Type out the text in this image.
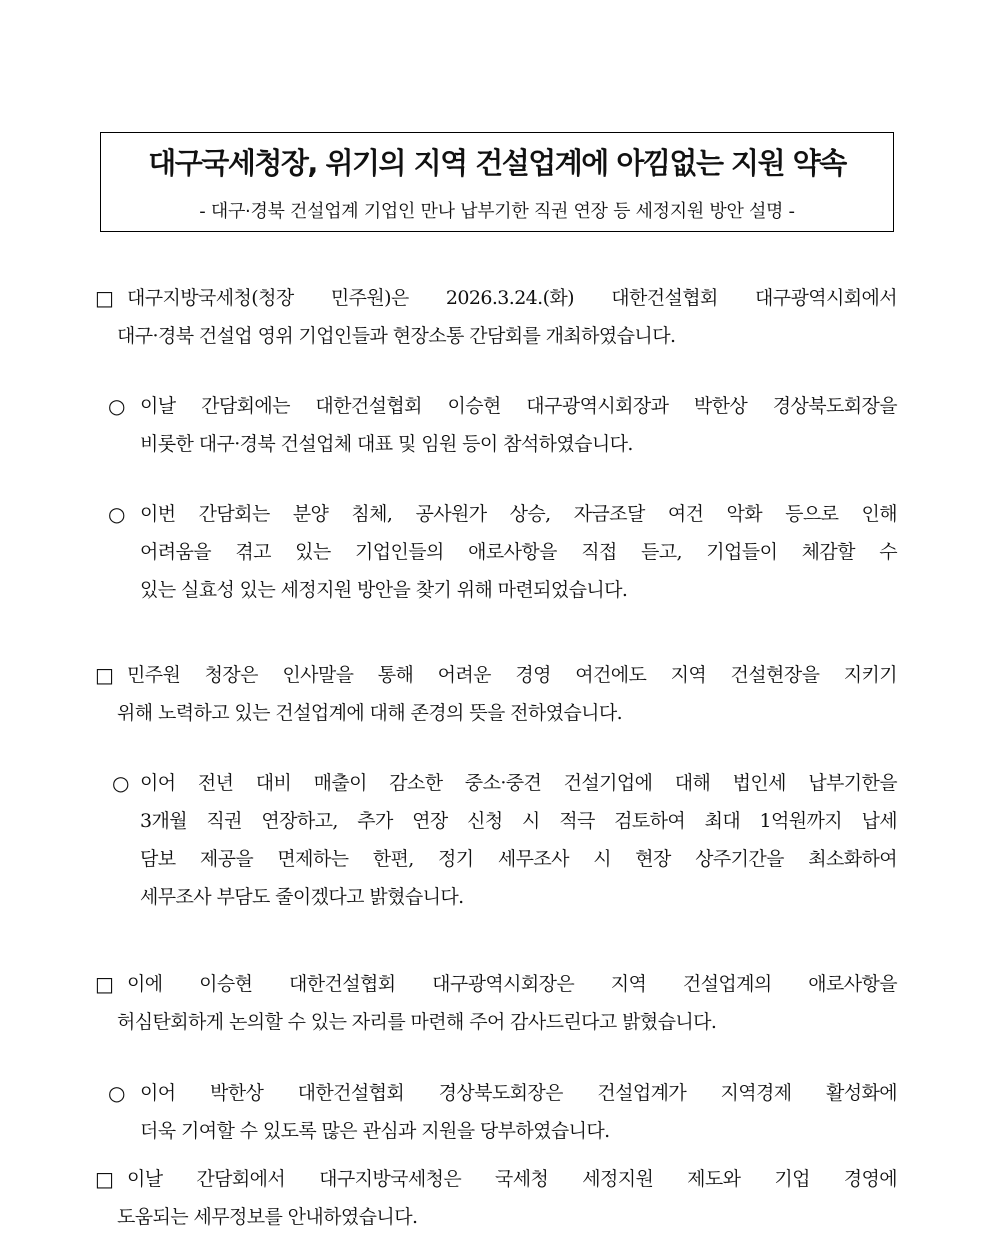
대구국세청장, 위기의 지역 건설업계에 아낌없는 지원 약속
- 대구·경북 건설업계 기업인 만나 납부기한 직권 연장 등 세정지원 방안 설명 -
□ 대구지방국세청(청장 민주원)은 2026.3.24.(화) 대한건설협회 대구광역시회에서
대구·경북 건설업 영위 기업인들과 현장소통 간담회를 개최하였습니다.
○ 이날 간담회에는 대한건설협회 이승현 대구광역시회장과 박한상 경상북도회장을
비롯한 대구·경북 건설업체 대표 및 임원 등이 참석하였습니다.
○ 이번 간담회는 분양 침체, 공사원가 상승, 자금조달 여건 악화 등으로 인해
어려움을 겪고 있는 기업인들의 애로사항을 직접 듣고, 기업들이 체감할 수
있는 실효성 있는 세정지원 방안을 찾기 위해 마련되었습니다.
□ 민주원 청장은 인사말을 통해 어려운 경영 여건에도 지역 건설현장을 지키기
위해 노력하고 있는 건설업계에 대해 존경의 뜻을 전하였습니다.
○ 이어 전년 대비 매출이 감소한 중소·중견 건설기업에 대해 법인세 납부기한을
3개월 직권 연장하고, 추가 연장 신청 시 적극 검토하여 최대 1억원까지 납세
담보 제공을 면제하는 한편, 정기 세무조사 시 현장 상주기간을 최소화하여
세무조사 부담도 줄이겠다고 밝혔습니다.
□ 이에 이승현 대한건설협회 대구광역시회장은 지역 건설업계의 애로사항을
허심탄회하게 논의할 수 있는 자리를 마련해 주어 감사드린다고 밝혔습니다.
○ 이어 박한상 대한건설협회 경상북도회장은 건설업계가 지역경제 활성화에
더욱 기여할 수 있도록 많은 관심과 지원을 당부하였습니다.
□ 이날 간담회에서 대구지방국세청은 국세청 세정지원 제도와 기업 경영에
도움되는 세무정보를 안내하였습니다.
